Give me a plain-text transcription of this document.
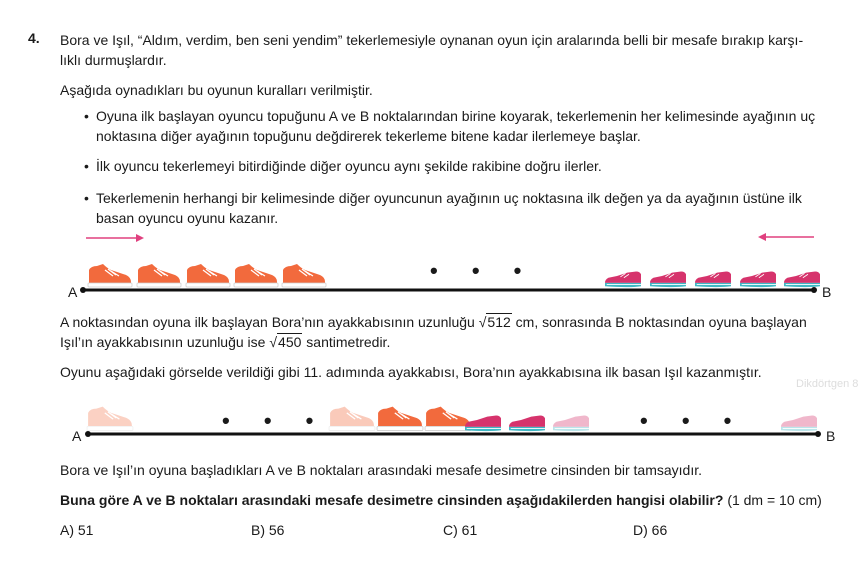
4. Bora ve Işıl, “Aldım, verdim, ben seni yendim” tekerlemesiyle oynanan oyun için aralarında belli bir mesafe bırakıp karşı-
lıklı durmuşlardır.
Aşağıda oynadıkları bu oyunun kuralları verilmiştir.
• Oyuna ilk başlayan oyuncu topuğunu A ve B noktalarından birine koyarak, tekerlemenin her kelimesinde ayağının uç
noktasına diğer ayağının topuğunu değdirerek tekerleme bitene kadar ilerlemeye başlar.
• İlk oyuncu tekerlemeyi bitirdiğinde diğer oyuncu aynı şekilde rakibine doğru ilerler.
• Tekerlemenin herhangi bir kelimesinde diğer oyuncunun ayağının uç noktasına ilk değen ya da ayağının üstüne ilk
basan oyuncu oyunu kazanır.
A	B
• • •
A noktasından oyuna ilk başlayan Bora’nın ayakkabısının uzunluğu √512 cm, sonrasında B noktasından oyuna başlayan
Işıl’ın ayakkabısının uzunluğu ise √450 santimetredir.
Oyunu aşağıdaki görselde verildiği gibi 11. adımında ayakkabısı, Bora’nın ayakkabısına ilk basan Işıl kazanmıştır.
Dikdörtgen 8
A	B
• • •	• • •
Bora ve Işıl’ın oyuna başladıkları A ve B noktaları arasındaki mesafe desimetre cinsinden bir tamsayıdır.
Buna göre A ve B noktaları arasındaki mesafe desimetre cinsinden aşağıdakilerden hangisi olabilir? (1 dm = 10 cm)
A) 51	B) 56	C) 61	D) 66
